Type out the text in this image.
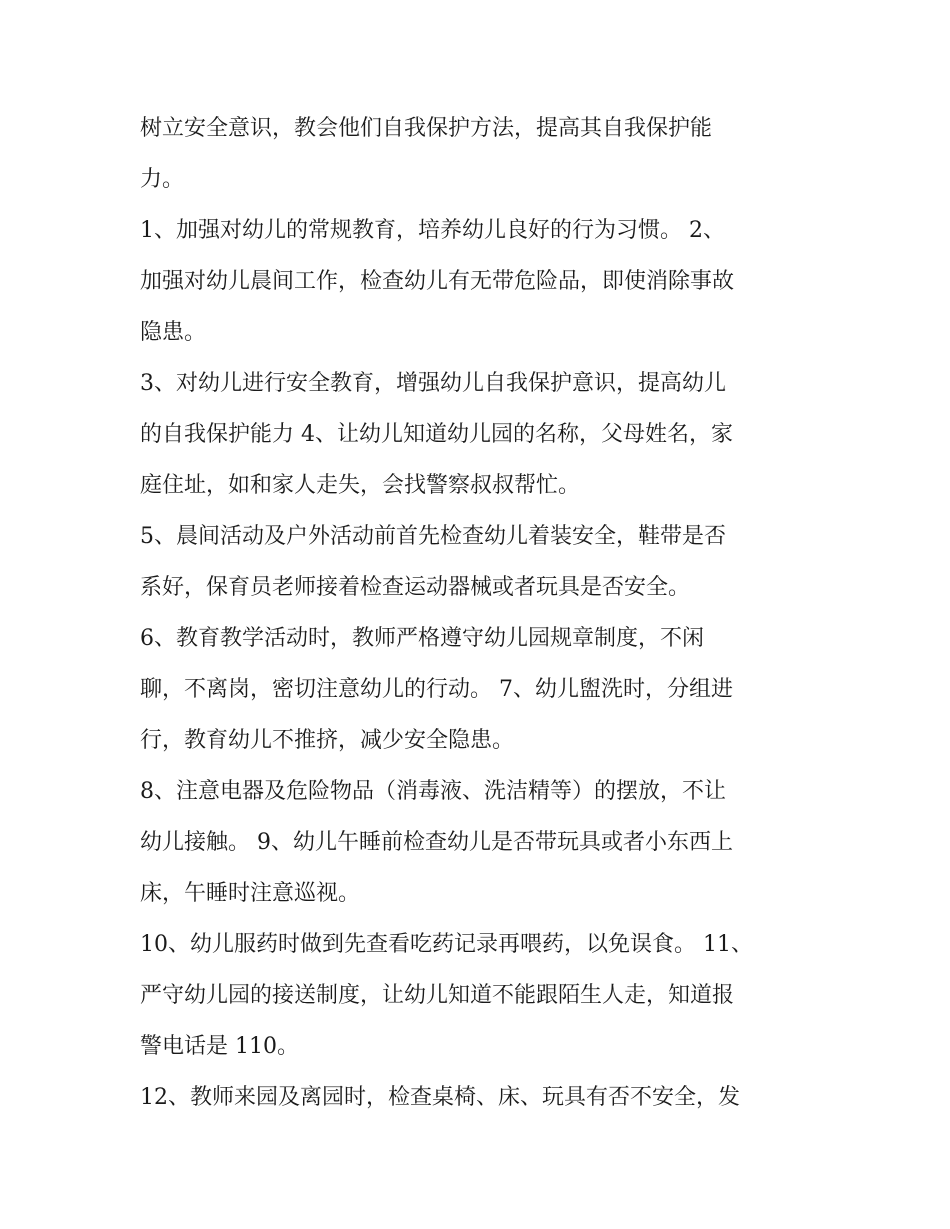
树立安全意识，教会他们自我保护方法，提高其自我保护能
力。
1、加强对幼儿的常规教育，培养幼儿良好的行为习惯。 2、
加强对幼儿晨间工作，检查幼儿有无带危险品，即使消除事故
隐患。
3、对幼儿进行安全教育，增强幼儿自我保护意识，提高幼儿
的自我保护能力 4、让幼儿知道幼儿园的名称，父母姓名，家
庭住址，如和家人走失，会找警察叔叔帮忙。
5、晨间活动及户外活动前首先检查幼儿着装安全，鞋带是否
系好，保育员老师接着检查运动器械或者玩具是否安全。
6、教育教学活动时，教师严格遵守幼儿园规章制度，不闲
聊，不离岗，密切注意幼儿的行动。 7、幼儿盥洗时，分组进
行，教育幼儿不推挤，减少安全隐患。
8、注意电器及危险物品（消毒液、洗洁精等）的摆放，不让
幼儿接触。 9、幼儿午睡前检查幼儿是否带玩具或者小东西上
床，午睡时注意巡视。
10、幼儿服药时做到先查看吃药记录再喂药，以免误食。 11、
严守幼儿园的接送制度，让幼儿知道不能跟陌生人走，知道报
警电话是 110。
12、教师来园及离园时，检查桌椅、床、玩具有否不安全，发
